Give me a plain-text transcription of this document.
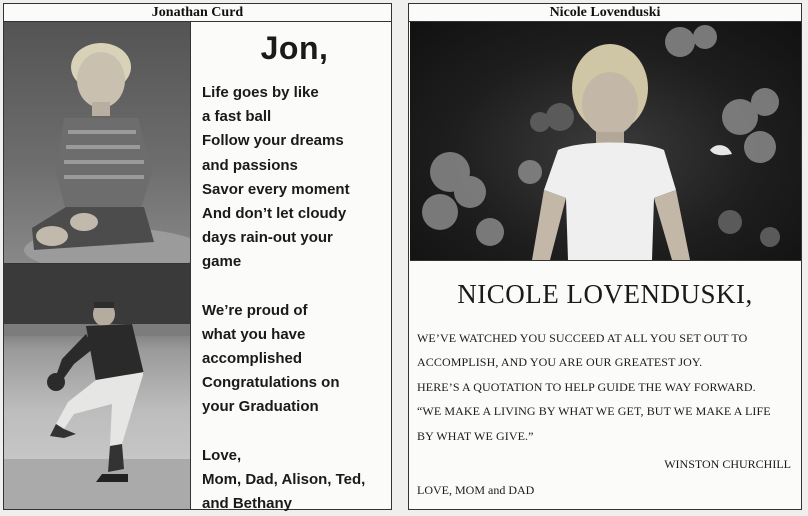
Jonathan Curd
Jon,
Life goes by like
a fast ball
Follow your dreams
and passions
Savor every moment
And don’t let cloudy
days rain-out your
game
We’re proud of
what you have
accomplished
Congratulations on
your Graduation
Love,
Mom, Dad, Alison, Ted,
and Bethany
Nicole Lovenduski
NICOLE LOVENDUSKI,
WE’VE WATCHED YOU SUCCEED AT ALL YOU SET OUT TO
ACCOMPLISH, AND YOU ARE OUR GREATEST JOY.
HERE’S A QUOTATION TO HELP GUIDE THE WAY FORWARD.
“WE MAKE A LIVING BY WHAT WE GET, BUT WE MAKE A LIFE
BY WHAT WE GIVE.”
WINSTON CHURCHILL
LOVE, MOM and DAD
